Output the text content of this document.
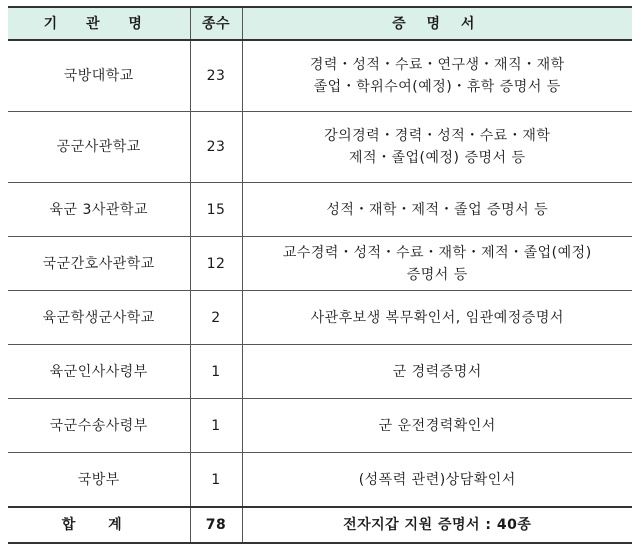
기 관 명	종수	증 명 서
국방대학교	23	경력・성적・수료・연구생・재직・재학
졸업・학위수여(예정)・휴학 증명서 등

공군사관학교	23	강의경력・경력・성적・수료・재학
제적・졸업(예정) 증명서 등

육군 3사관학교	15	성적・재학・제적・졸업 증명서 등

국군간호사관학교	12	교수경력・성적・수료・재학・제적・졸업(예정)
증명서 등

육군학생군사학교	2	사관후보생 복무확인서, 임관예정증명서

육군인사사령부	1	군 경력증명서

국군수송사령부	1	군 운전경력확인서

국방부	1	(성폭력 관련)상담확인서

합 계	78	전자지갑 지원 증명서 : 40종
